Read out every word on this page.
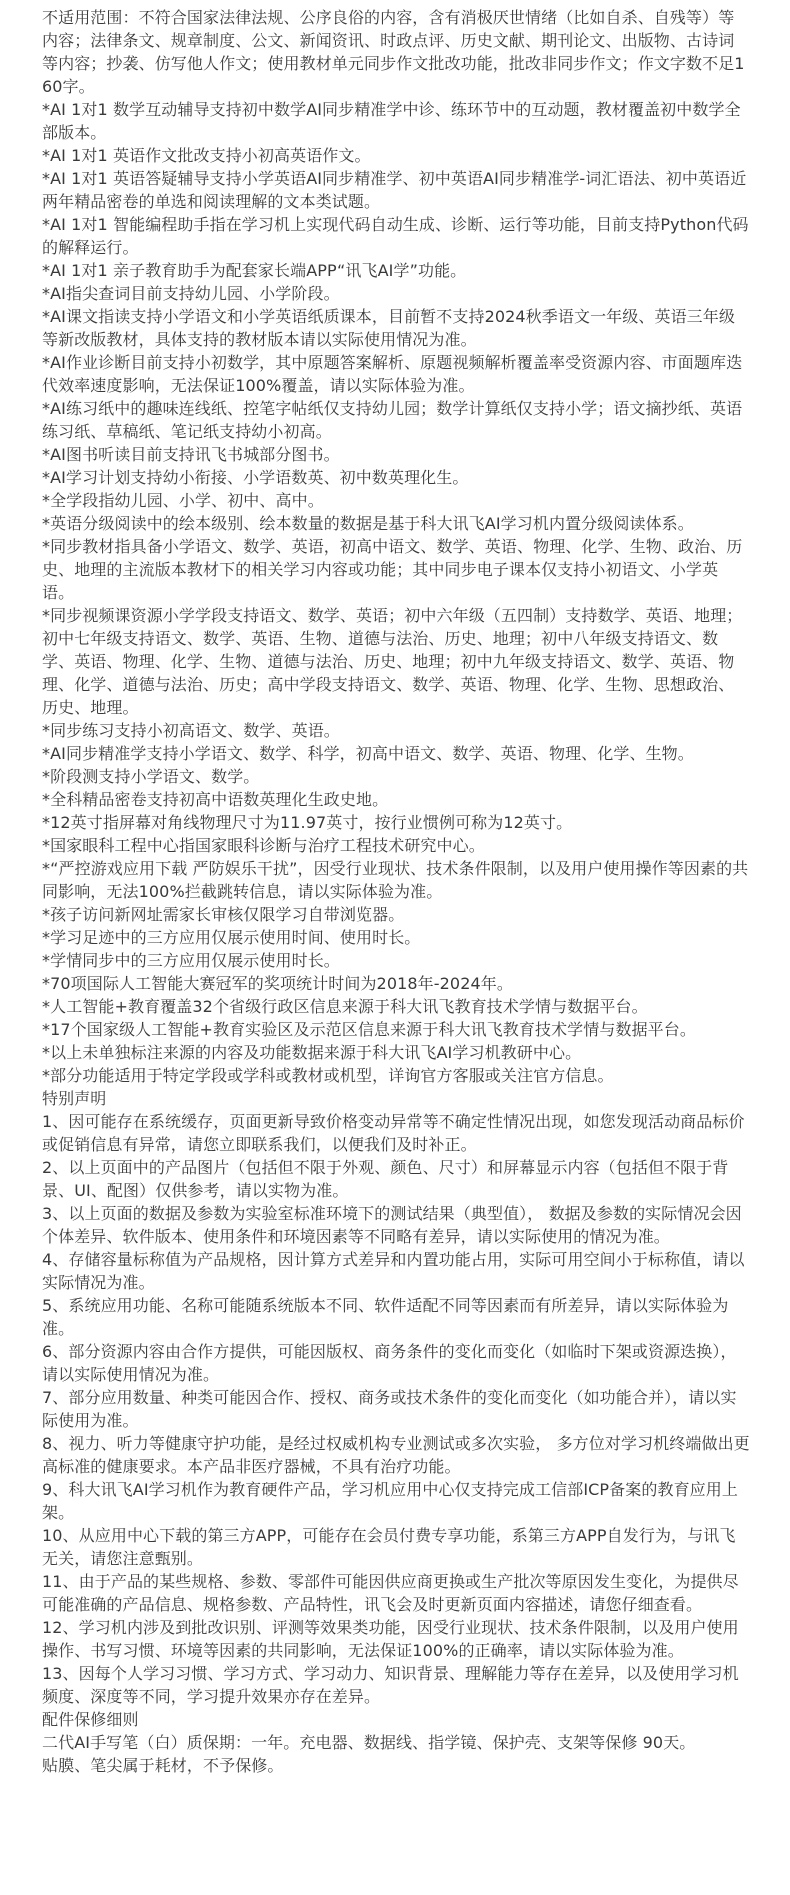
不适用范围：不符合国家法律法规、公序良俗的内容，含有消极厌世情绪（比如自杀、自残等）等内容；法律条文、规章制度、公文、新闻资讯、时政点评、历史文献、期刊论文、出版物、古诗词等内容；抄袭、仿写他人作文；使用教材单元同步作文批改功能，批改非同步作文；作文字数不足160字。

*AI 1对1 数学互动辅导支持初中数学AI同步精准学中诊、练环节中的互动题，教材覆盖初中数学全部版本。

*AI 1对1 英语作文批改支持小初高英语作文。

*AI 1对1 英语答疑辅导支持小学英语AI同步精准学、初中英语AI同步精准学-词汇语法、初中英语近两年精品密卷的单选和阅读理解的文本类试题。

*AI 1对1 智能编程助手指在学习机上实现代码自动生成、诊断、运行等功能，目前支持Python代码的解释运行。

*AI 1对1 亲子教育助手为配套家长端APP“讯飞AI学”功能。

*AI指尖查词目前支持幼儿园、小学阶段。

*AI课文指读支持小学语文和小学英语纸质课本，目前暂不支持2024秋季语文一年级、英语三年级等新改版教材，具体支持的教材版本请以实际使用情况为准。

*AI作业诊断目前支持小初数学，其中原题答案解析、原题视频解析覆盖率受资源内容、市面题库迭代效率速度影响，无法保证100%覆盖，请以实际体验为准。

*AI练习纸中的趣味连线纸、控笔字帖纸仅支持幼儿园；数学计算纸仅支持小学；语文摘抄纸、英语练习纸、草稿纸、笔记纸支持幼小初高。

*AI图书听读目前支持讯飞书城部分图书。

*AI学习计划支持幼小衔接、小学语数英、初中数英理化生。

*全学段指幼儿园、小学、初中、高中。

*英语分级阅读中的绘本级别、绘本数量的数据是基于科大讯飞AI学习机内置分级阅读体系。

*同步教材指具备小学语文、数学、英语，初高中语文、数学、英语、物理、化学、生物、政治、历史、地理的主流版本教材下的相关学习内容或功能；其中同步电子课本仅支持小初语文、小学英语。

*同步视频课资源小学学段支持语文、数学、英语；初中六年级（五四制）支持数学、英语、地理；初中七年级支持语文、数学、英语、生物、道德与法治、历史、地理；初中八年级支持语文、数学、英语、物理、化学、生物、道德与法治、历史、地理；初中九年级支持语文、数学、英语、物理、化学、道德与法治、历史；高中学段支持语文、数学、英语、物理、化学、生物、思想政治、历史、地理。

*同步练习支持小初高语文、数学、英语。

*AI同步精准学支持小学语文、数学、科学，初高中语文、数学、英语、物理、化学、生物。

*阶段测支持小学语文、数学。

*全科精品密卷支持初高中语数英理化生政史地。

*12英寸指屏幕对角线物理尺寸为11.97英寸，按行业惯例可称为12英寸。

*国家眼科工程中心指国家眼科诊断与治疗工程技术研究中心。

*“严控游戏应用下载 严防娱乐干扰”，因受行业现状、技术条件限制，以及用户使用操作等因素的共同影响，无法100%拦截跳转信息，请以实际体验为准。

*孩子访问新网址需家长审核仅限学习自带浏览器。

*学习足迹中的三方应用仅展示使用时间、使用时长。

*学情同步中的三方应用仅展示使用时长。

*70项国际人工智能大赛冠军的奖项统计时间为2018年-2024年。

*人工智能+教育覆盖32个省级行政区信息来源于科大讯飞教育技术学情与数据平台。

*17个国家级人工智能+教育实验区及示范区信息来源于科大讯飞教育技术学情与数据平台。

*以上未单独标注来源的内容及功能数据来源于科大讯飞AI学习机教研中心。

*部分功能适用于特定学段或学科或教材或机型，详询官方客服或关注官方信息。

特别声明

1、因可能存在系统缓存，页面更新导致价格变动异常等不确定性情况出现，如您发现活动商品标价或促销信息有异常，请您立即联系我们，以便我们及时补正。

2、以上页面中的产品图片（包括但不限于外观、颜色、尺寸）和屏幕显示内容（包括但不限于背景、UI、配图）仅供参考，请以实物为准。

3、以上页面的数据及参数为实验室标准环境下的测试结果（典型值）， 数据及参数的实际情况会因个体差异、软件版本、使用条件和环境因素等不同略有差异，请以实际使用的情况为准。

4、存储容量标称值为产品规格，因计算方式差异和内置功能占用，实际可用空间小于标称值，请以实际情况为准。

5、系统应用功能、名称可能随系统版本不同、软件适配不同等因素而有所差异，请以实际体验为准。

6、部分资源内容由合作方提供，可能因版权、商务条件的变化而变化（如临时下架或资源迭换），请以实际使用情况为准。

7、部分应用数量、种类可能因合作、授权、商务或技术条件的变化而变化（如功能合并），请以实际使用为准。

8、视力、听力等健康守护功能，是经过权威机构专业测试或多次实验， 多方位对学习机终端做出更高标准的健康要求。本产品非医疗器械，不具有治疗功能。

9、科大讯飞AI学习机作为教育硬件产品，学习机应用中心仅支持完成工信部ICP备案的教育应用上架。

10、从应用中心下载的第三方APP，可能存在会员付费专享功能，系第三方APP自发行为，与讯飞无关，请您注意甄别。

11、由于产品的某些规格、参数、零部件可能因供应商更换或生产批次等原因发生变化，为提供尽可能准确的产品信息、规格参数、产品特性，讯飞会及时更新页面内容描述，请您仔细查看。

12、学习机内涉及到批改识别、评测等效果类功能，因受行业现状、技术条件限制，以及用户使用操作、书写习惯、环境等因素的共同影响，无法保证100%的正确率，请以实际体验为准。

13、因每个人学习习惯、学习方式、学习动力、知识背景、理解能力等存在差异，以及使用学习机频度、深度等不同，学习提升效果亦存在差异。

配件保修细则

二代AI手写笔（白）质保期：一年。充电器、数据线、指学镜、保护壳、支架等保修 90天。

贴膜、笔尖属于耗材，不予保修。
